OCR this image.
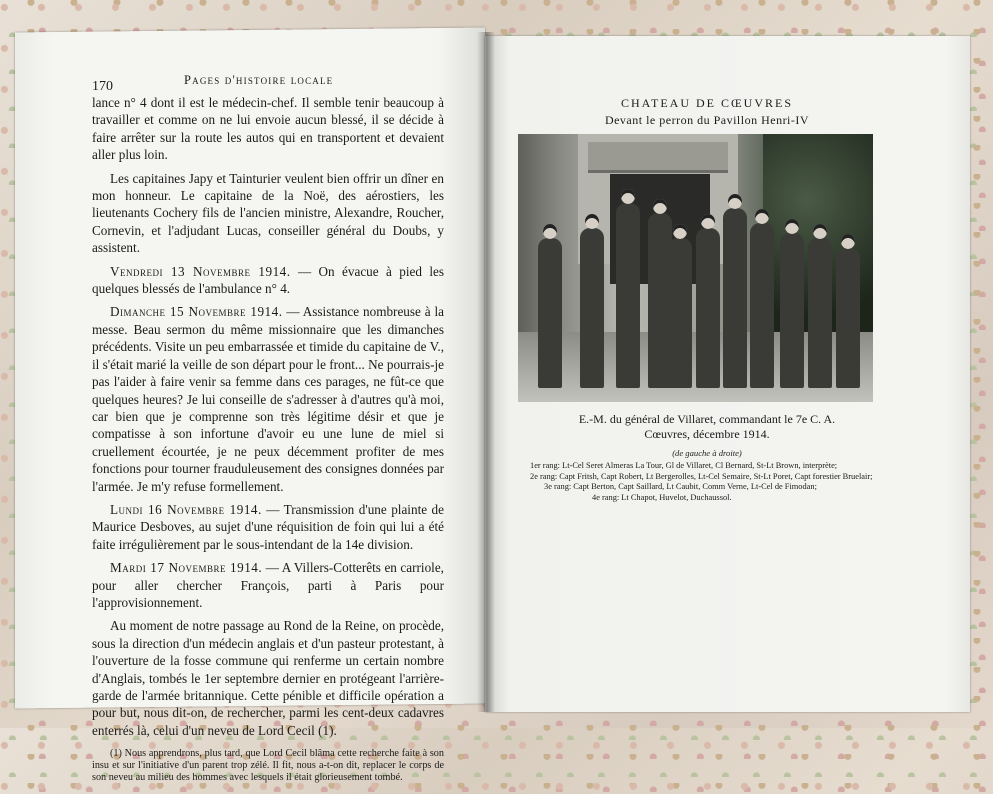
170	Pages d'histoire locale

lance n° 4 dont il est le médecin-chef. Il semble tenir beaucoup à travailler et comme on ne lui envoie aucun blessé, il se décide à faire arrêter sur la route les autos qui en transportent et devaient aller plus loin.

Les capitaines Japy et Tainturier veulent bien offrir un dîner en mon honneur. Le capitaine de la Noë, des aérostiers, les lieutenants Cochery fils de l'ancien ministre, Alexandre, Roucher, Cornevin, et l'adjudant Lucas, conseiller général du Doubs, y assistent.

Vendredi 13 Novembre 1914. — On évacue à pied les quelques blessés de l'ambulance n° 4.

Dimanche 15 Novembre 1914. — Assistance nombreuse à la messe. Beau sermon du même missionnaire que les dimanches précédents. Visite un peu embarrassée et timide du capitaine de V., il s'était marié la veille de son départ pour le front... Ne pourrais-je pas l'aider à faire venir sa femme dans ces parages, ne fût-ce que quelques heures? Je lui conseille de s'adresser à d'autres qu'à moi, car bien que je comprenne son très légitime désir et que je compatisse à son infortune d'avoir eu une lune de miel si cruellement écourtée, je ne peux décemment profiter de mes fonctions pour tourner frauduleusement des consignes données par l'armée. Je m'y refuse formellement.

Lundi 16 Novembre 1914. — Transmission d'une plainte de Maurice Desboves, au sujet d'une réquisition de foin qui lui a été faite irrégulièrement par le sous-intendant de la 14e division.

Mardi 17 Novembre 1914. — A Villers-Cotterêts en carriole, pour aller chercher François, parti à Paris pour l'approvisionnement.

Au moment de notre passage au Rond de la Reine, on procède, sous la direction d'un médecin anglais et d'un pasteur protestant, à l'ouverture de la fosse commune qui renferme un certain nombre d'Anglais, tombés le 1er septembre dernier en protégeant l'arrière-garde de l'armée britannique. Cette pénible et difficile opération a pour but, nous dit-on, de rechercher, parmi les cent-deux cadavres enterrés là, celui d'un neveu de Lord Cecil (1).

(1) Nous apprendrons, plus tard, que Lord Cecil blâma cette recherche faite à son insu et sur l'initiative d'un parent trop zélé. Il fit, nous a-t-on dit, replacer le corps de son neveu au milieu des hommes avec lesquels il était glorieusement tombé.

CHATEAU DE CŒUVRES
Devant le perron du Pavillon Henri-IV
E.-M. du général de Villaret, commandant le 7e C. A.
Cœuvres, décembre 1914.
(de gauche à droite)
1er rang: Lt-Cel Seret Almeras La Tour, Gl de Villaret, Cl Bernard, St-Lt Brown, interprète;
2e rang: Capt Fritsh, Capt Robert, Lt Bergerolles, Lt-Cel Semaire, St-Lt Poret, Capt forestier Bruelair;
3e rang: Capt Berton, Capt Saillard, Lt Caubit, Comm Verne, Lt-Cel de Fimodan;
4e rang: Lt Chapot, Huvelot, Duchaussol.
